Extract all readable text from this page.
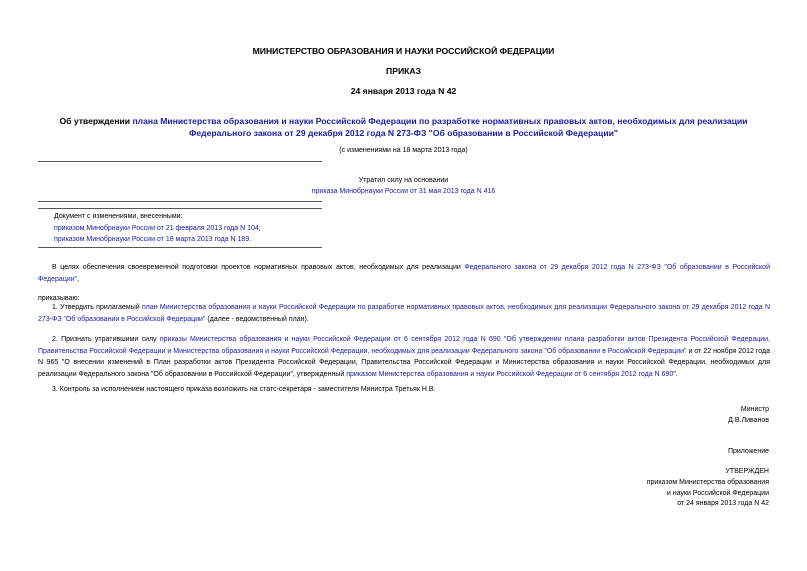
МИНИСТЕРСТВО ОБРАЗОВАНИЯ И НАУКИ РОССИЙСКОЙ ФЕДЕРАЦИИ
ПРИКАЗ
24 января 2013 года N 42
Об утверждении плана Министерства образования и науки Российской Федерации по разработке нормативных правовых актов, необходимых для реализации
Федерального закона от 29 декабря 2012 года N 273-ФЗ "Об образовании в Российской Федерации"
(с изменениями на 18 марта 2013 года)
Утратил силу на основании
приказа Минобрнауки России от 31 мая 2013 года N 416
Документ с изменениями, внесенными:
приказом Минобрнауки России от 21 февраля 2013 года N 104;
приказом Минобрнауки России от 18 марта 2013 года N 189.

В целях обеспечения своевременной подготовки проектов нормативных правовых актов, необходимых для реализации Федерального закона от 29 декабря 2012 года N 273-ФЗ "Об образовании в Российской Федерации",

приказываю:

1. Утвердить прилагаемый план Министерства образования и науки Российской Федерации по разработке нормативных правовых актов, необходимых для реализации Федерального закона от 29 декабря 2012 года N 273-ФЗ "Об образовании в Российской Федерации" (далее - ведомственный план).

2. Признать утратившими силу приказы Министерства образования и науки Российской Федерации от 6 сентября 2012 года N 690 "Об утверждении плана разработки актов Президента Российской Федерации, Правительства Российской Федерации и Министерства образования и науки Российской Федерации, необходимых для реализации Федерального закона "Об образовании в Российской Федерации" и от 22 ноября 2012 года N 965 "О внесении изменений в План разработки актов Президента Российской Федерации, Правительства Российской Федерации и Министерства образования и науки Российской Федерации, необходимых для реализации Федерального закона "Об образовании в Российской Федерации", утвержденный приказом Министерства образования и науки Российской Федерации от 6 сентября 2012 года N 690".

3. Контроль за исполнением настоящего приказа возложить на статс-секретаря - заместителя Министра Третьяк Н.В.

Министр
Д.В.Ливанов
Приложение
УТВЕРЖДЕН
приказом Министерства образования
и науки Российской Федерации
от 24 января 2013 года N 42
